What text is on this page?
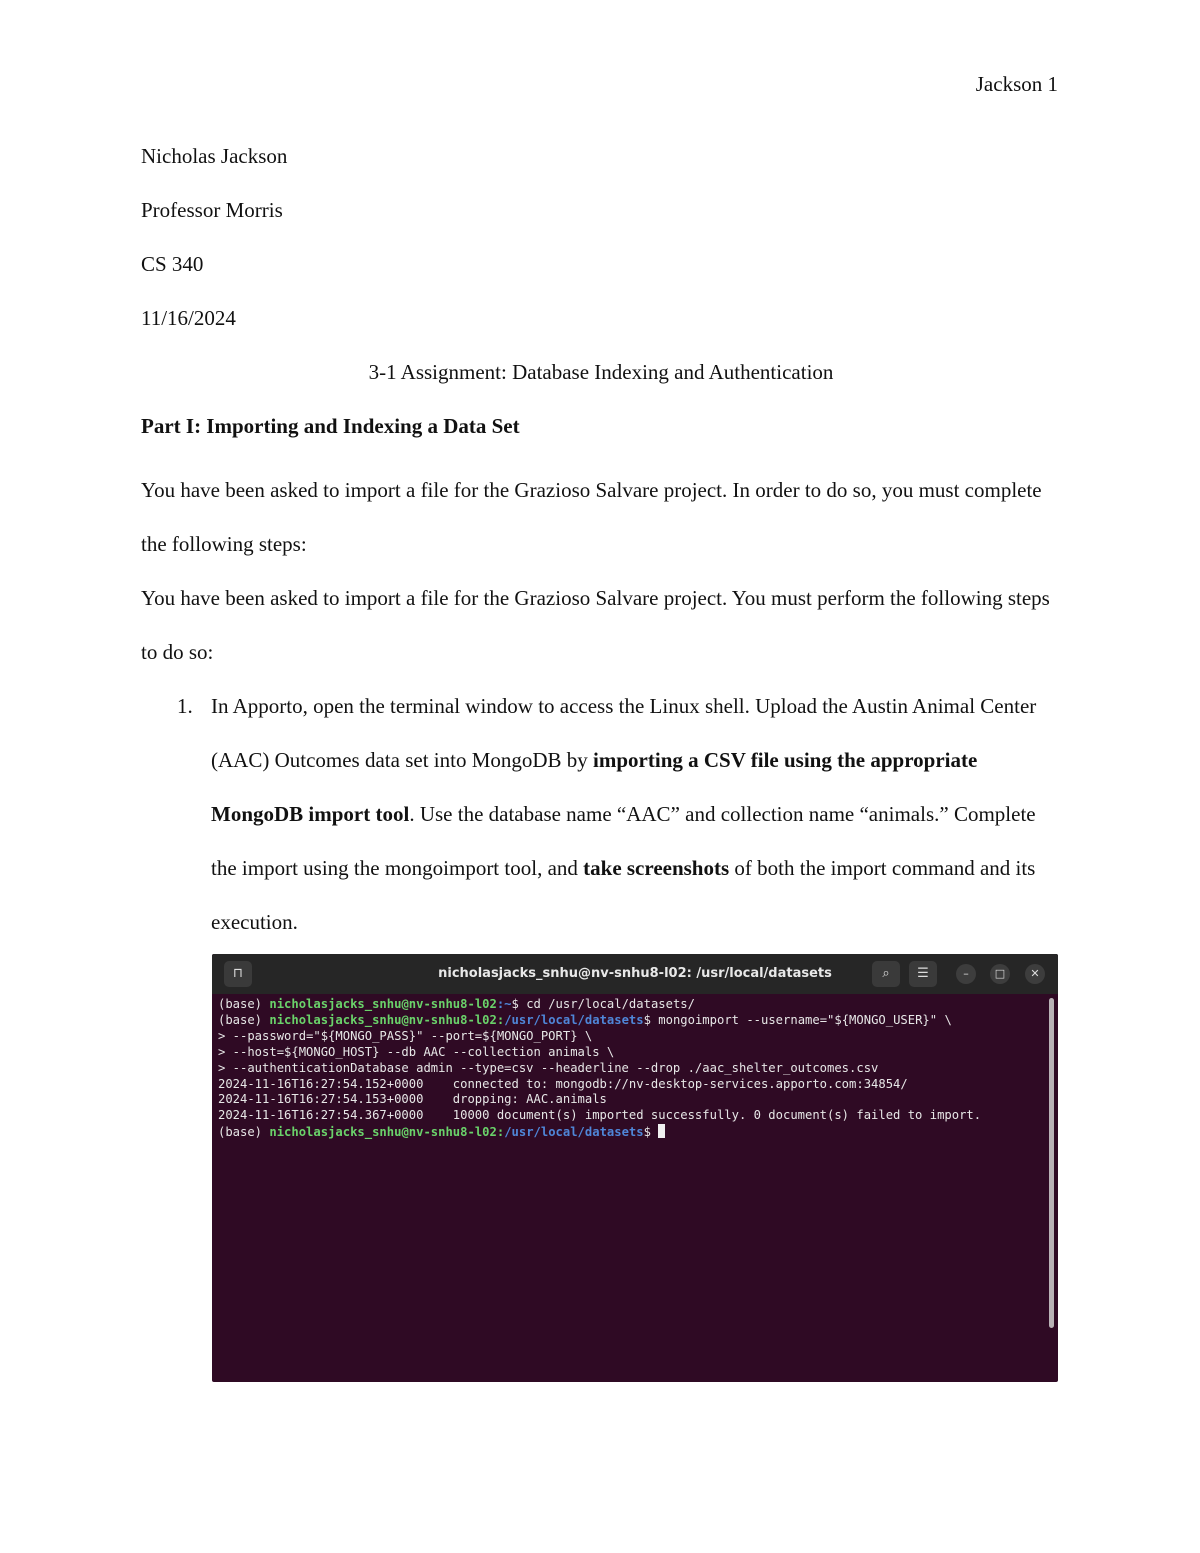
Jackson 1
Nicholas Jackson
Professor Morris
CS 340
11/16/2024
3-1 Assignment: Database Indexing and Authentication
Part I: Importing and Indexing a Data Set

You have been asked to import a file for the Grazioso Salvare project. In order to do so, you must complete the following steps:

You have been asked to import a file for the Grazioso Salvare project. You must perform the following steps to do so:

1. In Apporto, open the terminal window to access the Linux shell. Upload the Austin Animal Center (AAC) Outcomes data set into MongoDB by importing a CSV file using the appropriate MongoDB import tool. Use the database name “AAC” and collection name “animals.” Complete the import using the mongoimport tool, and take screenshots of both the import command and its execution.
⊓	nicholasjacks_snhu@nv-snhu8-l02: /usr/local/datasets	⌕	☰	–	□	✕
(base) nicholasjacks_snhu@nv-snhu8-l02:~$ cd /usr/local/datasets/
(base) nicholasjacks_snhu@nv-snhu8-l02:/usr/local/datasets$ mongoimport --username="${MONGO_USER}" \
> --password="${MONGO_PASS}" --port=${MONGO_PORT} \
> --host=${MONGO_HOST} --db AAC --collection animals \
> --authenticationDatabase admin --type=csv --headerline --drop ./aac_shelter_outcomes.csv
2024-11-16T16:27:54.152+0000    connected to: mongodb://nv-desktop-services.apporto.com:34854/
2024-11-16T16:27:54.153+0000    dropping: AAC.animals
2024-11-16T16:27:54.367+0000    10000 document(s) imported successfully. 0 document(s) failed to import.
(base) nicholasjacks_snhu@nv-snhu8-l02:/usr/local/datasets$
